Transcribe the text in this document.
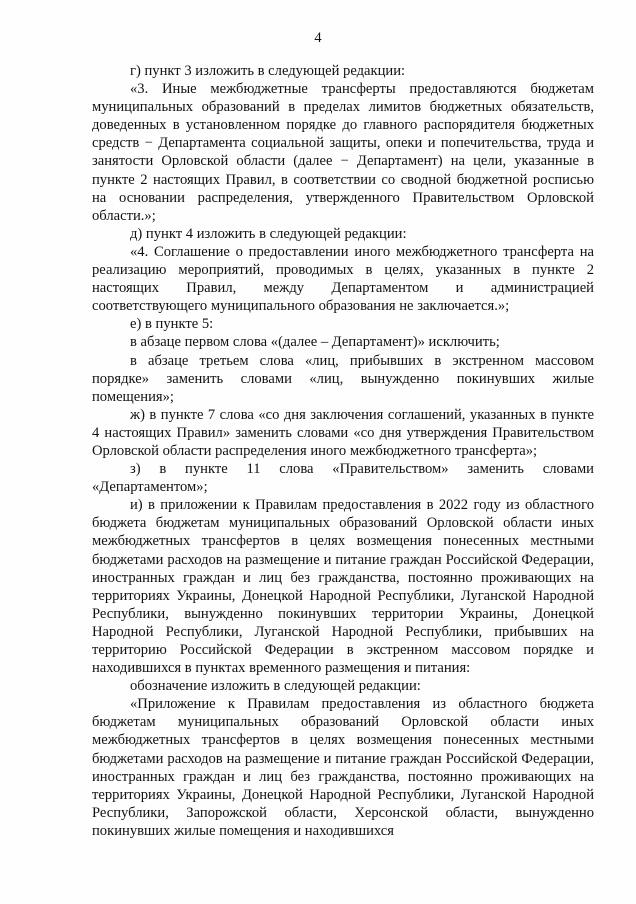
4

г) пункт 3 изложить в следующей редакции:

«3. Иные межбюджетные трансферты предоставляются бюджетам муниципальных образований в пределах лимитов бюджетных обязательств, доведенных в установленном порядке до главного распорядителя бюджетных средств − Департамента социальной защиты, опеки и попечительства, труда и занятости Орловской области (далее − Департамент) на цели, указанные в пункте 2 настоящих Правил, в соответствии со сводной бюджетной росписью на основании распределения, утвержденного Правительством Орловской области.»;

д) пункт 4 изложить в следующей редакции:

«4. Соглашение о предоставлении иного межбюджетного трансферта на реализацию мероприятий, проводимых в целях, указанных в пункте 2 настоящих Правил, между Департаментом и администрацией соответствующего муниципального образования не заключается.»;

е) в пункте 5:

в абзаце первом слова «(далее – Департамент)» исключить;

в абзаце третьем слова «лиц, прибывших в экстренном массовом порядке» заменить словами «лиц, вынужденно покинувших жилые помещения»;

ж) в пункте 7 слова «со дня заключения соглашений, указанных в пункте 4 настоящих Правил» заменить словами «со дня утверждения Правительством Орловской области распределения иного межбюджетного трансферта»;

з) в пункте 11 слова «Правительством» заменить словами «Департаментом»;

и) в приложении к Правилам предоставления в 2022 году из областного бюджета бюджетам муниципальных образований Орловской области иных межбюджетных трансфертов в целях возмещения понесенных местными бюджетами расходов на размещение и питание граждан Российской Федерации, иностранных граждан и лиц без гражданства, постоянно проживающих на территориях Украины, Донецкой Народной Республики, Луганской Народной Республики, вынужденно покинувших территории Украины, Донецкой Народной Республики, Луганской Народной Республики, прибывших на территорию Российской Федерации в экстренном массовом порядке и находившихся в пунктах временного размещения и питания:

обозначение изложить в следующей редакции:

«Приложение к Правилам предоставления из областного бюджета бюджетам муниципальных образований Орловской области иных межбюджетных трансфертов в целях возмещения понесенных местными бюджетами расходов на размещение и питание граждан Российской Федерации, иностранных граждан и лиц без гражданства, постоянно проживающих на территориях Украины, Донецкой Народной Республики, Луганской Народной Республики, Запорожской области, Херсонской области, вынужденно покинувших жилые помещения и находившихся
